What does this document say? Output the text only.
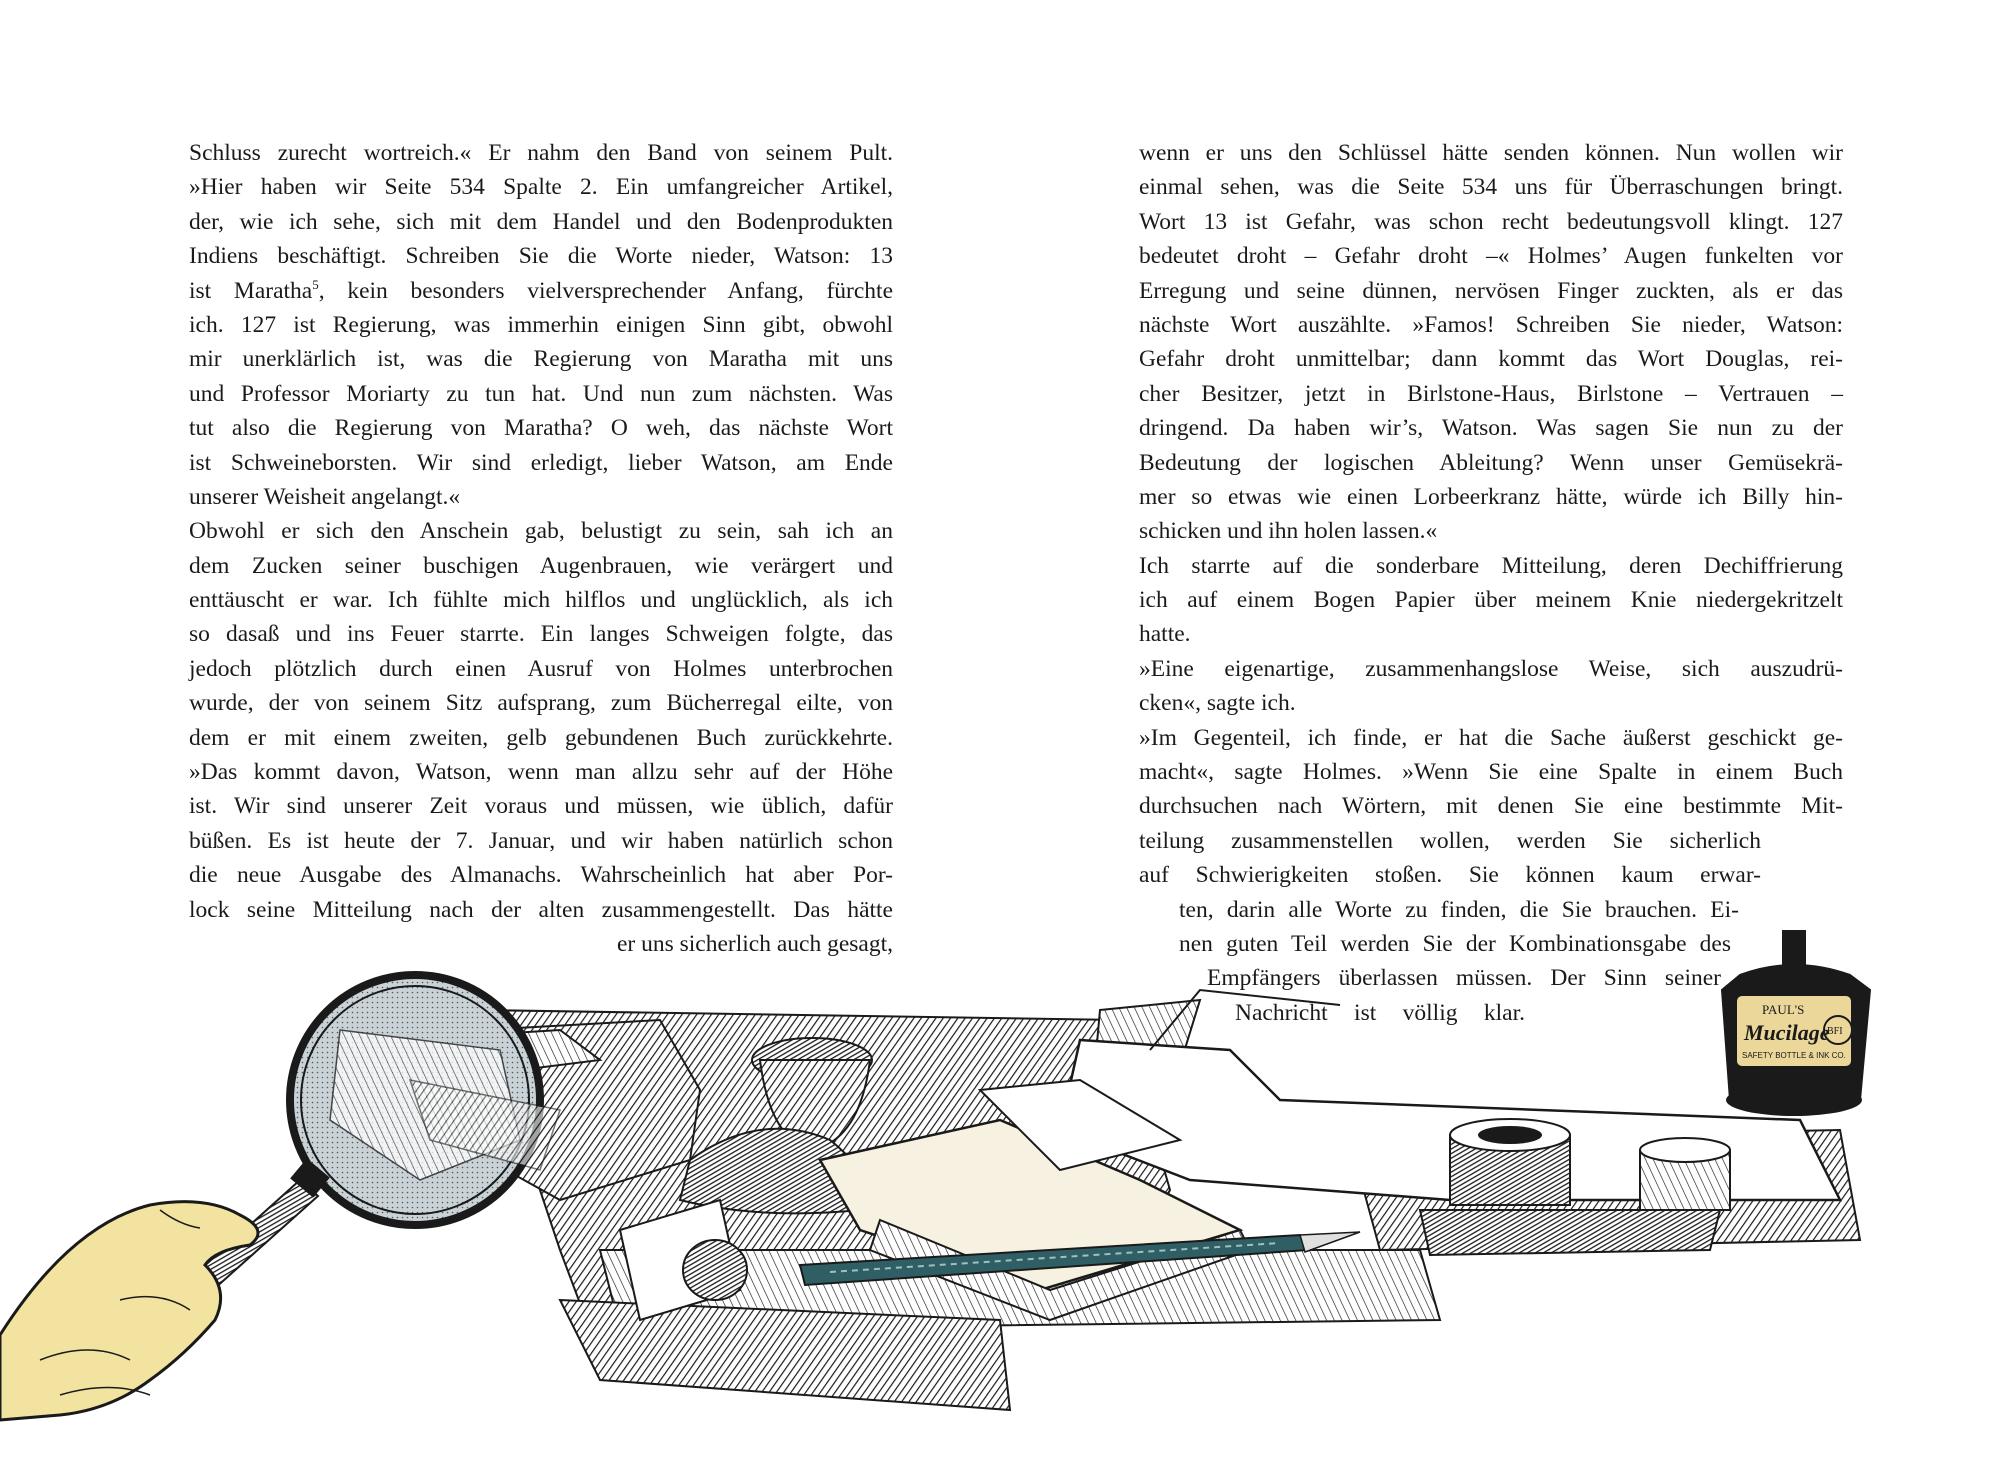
Schluss zurecht wortreich.« Er nahm den Band von seinem Pult.
»Hier haben wir Seite 534 Spalte 2. Ein umfangreicher Artikel,
der, wie ich sehe, sich mit dem Handel und den Bodenprodukten
Indiens beschäftigt. Schreiben Sie die Worte nieder, Watson: 13
ist Maratha$^5$, kein besonders vielversprechender Anfang, fürchte
ich. 127 ist Regierung, was immerhin einigen Sinn gibt, obwohl
mir unerklärlich ist, was die Regierung von Maratha mit uns
und Professor Moriarty zu tun hat. Und nun zum nächsten. Was
tut also die Regierung von Maratha? O weh, das nächste Wort
ist Schweineborsten. Wir sind erledigt, lieber Watson, am Ende
unserer Weisheit angelangt.«
Obwohl er sich den Anschein gab, belustigt zu sein, sah ich an
dem Zucken seiner buschigen Augenbrauen, wie verärgert und
enttäuscht er war. Ich fühlte mich hilflos und unglücklich, als ich
so dasaß und ins Feuer starrte. Ein langes Schweigen folgte, das
jedoch plötzlich durch einen Ausruf von Holmes unterbrochen
wurde, der von seinem Sitz aufsprang, zum Bücherregal eilte, von
dem er mit einem zweiten, gelb gebundenen Buch zurückkehrte.
»Das kommt davon, Watson, wenn man allzu sehr auf der Höhe
ist. Wir sind unserer Zeit voraus und müssen, wie üblich, dafür
büßen. Es ist heute der 7. Januar, und wir haben natürlich schon
die neue Ausgabe des Almanachs. Wahrscheinlich hat aber Por-
lock seine Mitteilung nach der alten zusammengestellt. Das hätte
er uns sicherlich auch gesagt,
wenn er uns den Schlüssel hätte senden können. Nun wollen wir
einmal sehen, was die Seite 534 uns für Überraschungen bringt.
Wort 13 ist Gefahr, was schon recht bedeutungsvoll klingt. 127
bedeutet droht – Gefahr droht –« Holmes’ Augen funkelten vor
Erregung und seine dünnen, nervösen Finger zuckten, als er das
nächste Wort auszählte. »Famos! Schreiben Sie nieder, Watson:
Gefahr droht unmittelbar; dann kommt das Wort Douglas, rei-
cher Besitzer, jetzt in Birlstone-Haus, Birlstone – Vertrauen –
dringend. Da haben wir’s, Watson. Was sagen Sie nun zu der
Bedeutung der logischen Ableitung? Wenn unser Gemüsekrä-
mer so etwas wie einen Lorbeerkranz hätte, würde ich Billy hin-
schicken und ihn holen lassen.«
Ich starrte auf die sonderbare Mitteilung, deren Dechiffrierung
ich auf einem Bogen Papier über meinem Knie niedergekritzelt
hatte.
»Eine eigenartige, zusammenhangslose Weise, sich auszudrü-
cken«, sagte ich.
»Im Gegenteil, ich finde, er hat die Sache äußerst geschickt ge-
macht«, sagte Holmes. »Wenn Sie eine Spalte in einem Buch
durchsuchen nach Wörtern, mit denen Sie eine bestimmte Mit-
teilung zusammenstellen wollen, werden Sie sicherlich
auf Schwierigkeiten stoßen. Sie können kaum erwar-
ten, darin alle Worte zu finden, die Sie brauchen. Ei-
nen guten Teil werden Sie der Kombinationsgabe des
Empfängers überlassen müssen. Der Sinn seiner
Nachricht ist völlig klar.	PAUL'S
Mucilage
SAFETY BOTTLE & INK CO.
BFI
